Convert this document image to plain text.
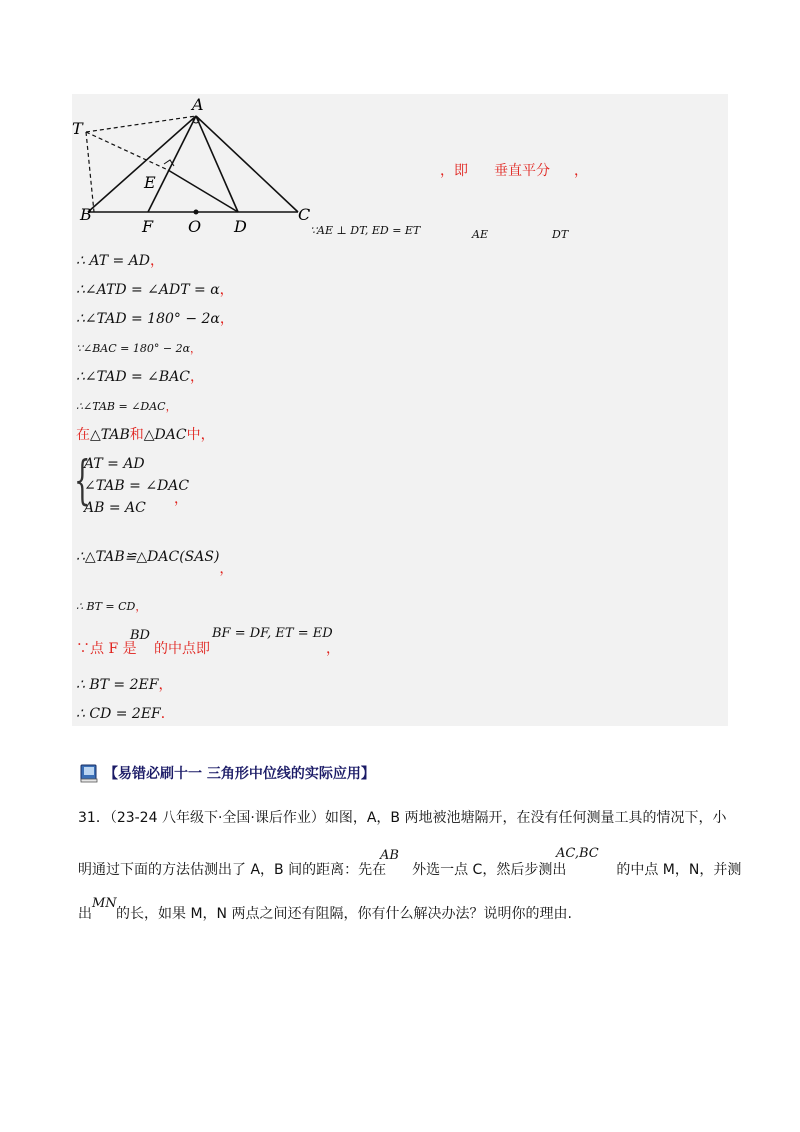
A
T
E
B
F O D
C
，即 垂直平分 ，
∵AE ⊥ DT, ED = ET	AE	DT
∴ AT = AD，
∴∠ATD = ∠ADT = α，
∴∠TAD = 180° − 2α，
∵∠BAC = 180° − 2α，
∴∠TAD = ∠BAC，
∴∠TAB = ∠DAC，
在△TAB和△DAC中，
{
AT = AD
∠TAB = ∠DAC
AB = AC
，
∴△TAB≌△DAC(SAS)，
∴ BT = CD，
∵点 F 是
BD
的中点即
BF = DF, ET = ED
，
∴ BT = 2EF，
∴ CD = 2EF．
【易错必刷十一 三角形中位线的实际应用】
31．（23-24 八年级下·全国·课后作业）如图，A，B 两地被池塘隔开，在没有任何测量工具的情况下，小
明通过下面的方法估测出了 A，B 间的距离：先在 外选一点 C，然后步测出	的中点 M，N，并测
AB	AC,BC
出 的长，如果 M，N 两点之间还有阻隔，你有什么解决办法？说明你的理由.
MN
